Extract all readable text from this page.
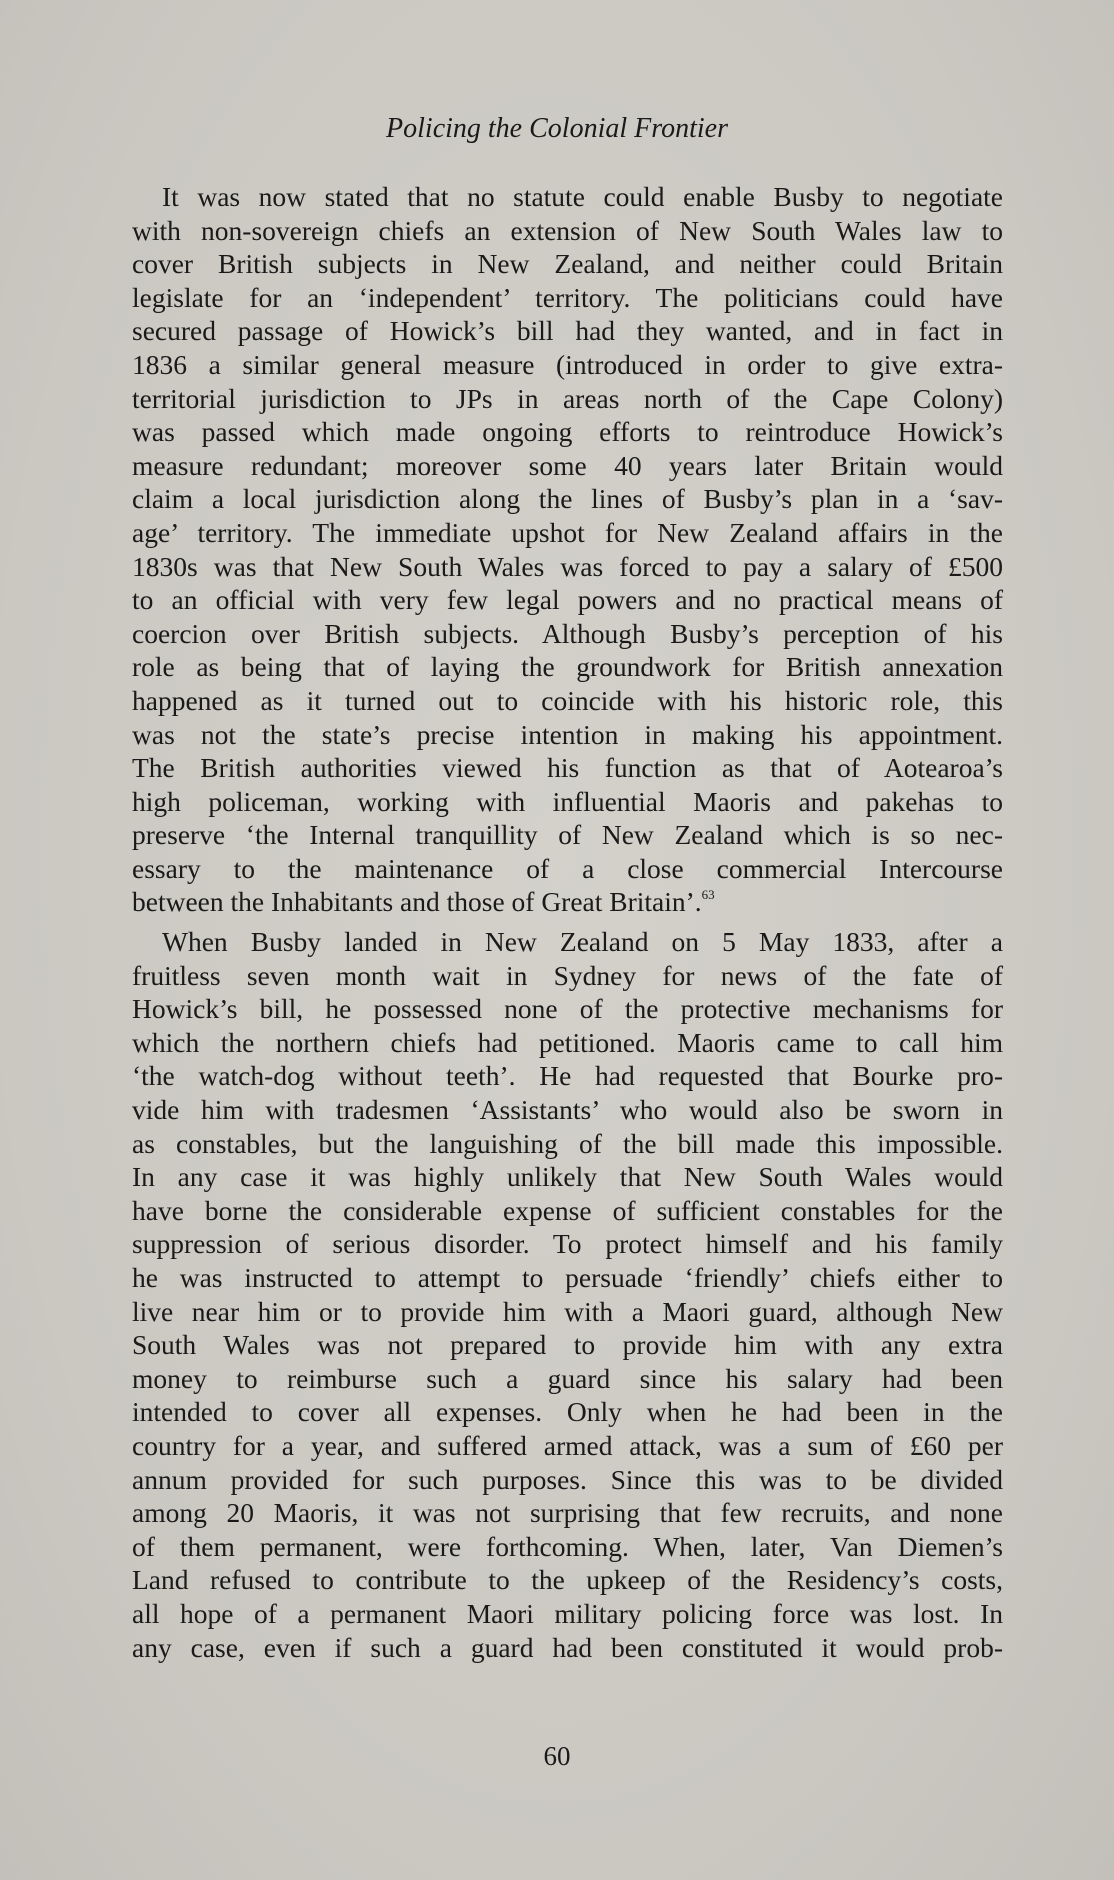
Policing the Colonial Frontier
It was now stated that no statute could enable Busby to negotiate
with non-sovereign chiefs an extension of New South Wales law to
cover British subjects in New Zealand, and neither could Britain
legislate for an ‘independent’ territory. The politicians could have
secured passage of Howick’s bill had they wanted, and in fact in
1836 a similar general measure (introduced in order to give extra-
territorial jurisdiction to JPs in areas north of the Cape Colony)
was passed which made ongoing efforts to reintroduce Howick’s
measure redundant; moreover some 40 years later Britain would
claim a local jurisdiction along the lines of Busby’s plan in a ‘sav-
age’ territory. The immediate upshot for New Zealand affairs in the
1830s was that New South Wales was forced to pay a salary of £500
to an official with very few legal powers and no practical means of
coercion over British subjects. Although Busby’s perception of his
role as being that of laying the groundwork for British annexation
happened as it turned out to coincide with his historic role, this
was not the state’s precise intention in making his appointment.
The British authorities viewed his function as that of Aotearoa’s
high policeman, working with influential Maoris and pakehas to
preserve ‘the Internal tranquillity of New Zealand which is so nec-
essary to the maintenance of a close commercial Intercourse
between the Inhabitants and those of Great Britain’.$^{63}$
When Busby landed in New Zealand on 5 May 1833, after a
fruitless seven month wait in Sydney for news of the fate of
Howick’s bill, he possessed none of the protective mechanisms for
which the northern chiefs had petitioned. Maoris came to call him
‘the watch-dog without teeth’. He had requested that Bourke pro-
vide him with tradesmen ‘Assistants’ who would also be sworn in
as constables, but the languishing of the bill made this impossible.
In any case it was highly unlikely that New South Wales would
have borne the considerable expense of sufficient constables for the
suppression of serious disorder. To protect himself and his family
he was instructed to attempt to persuade ‘friendly’ chiefs either to
live near him or to provide him with a Maori guard, although New
South Wales was not prepared to provide him with any extra
money to reimburse such a guard since his salary had been
intended to cover all expenses. Only when he had been in the
country for a year, and suffered armed attack, was a sum of £60 per
annum provided for such purposes. Since this was to be divided
among 20 Maoris, it was not surprising that few recruits, and none
of them permanent, were forthcoming. When, later, Van Diemen’s
Land refused to contribute to the upkeep of the Residency’s costs,
all hope of a permanent Maori military policing force was lost. In
any case, even if such a guard had been constituted it would prob-
60
